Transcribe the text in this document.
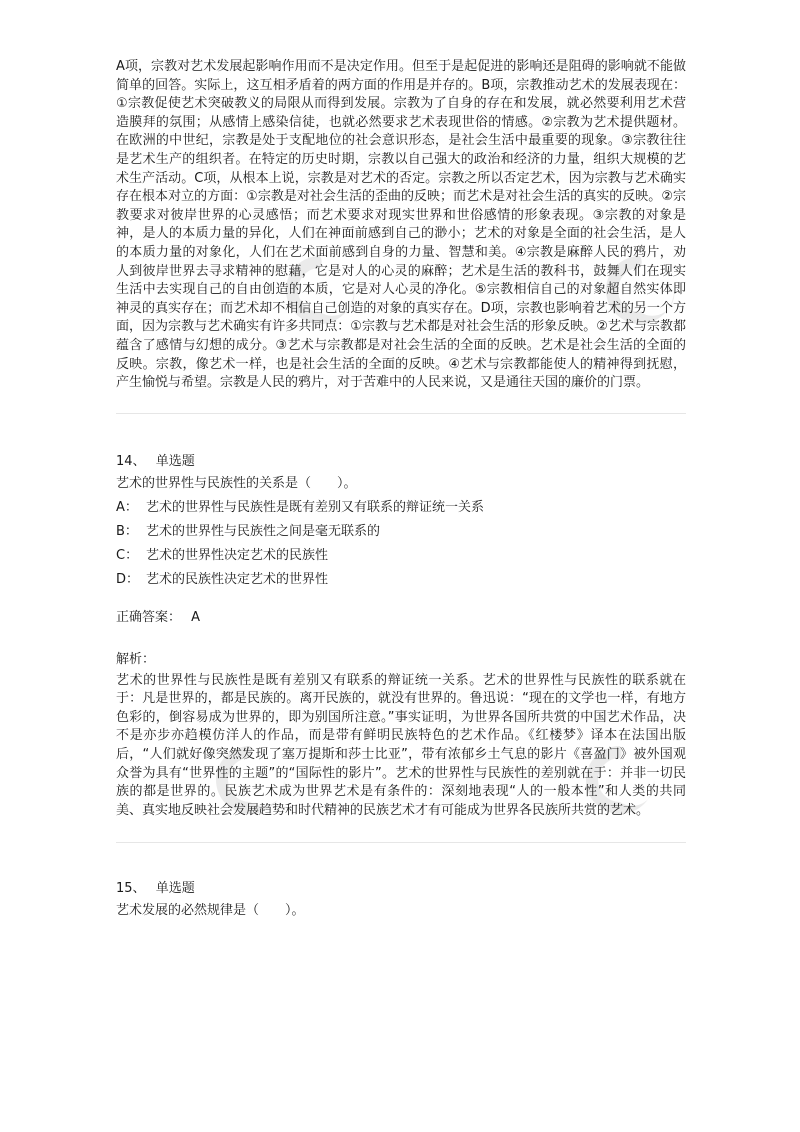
A项，宗教对艺术发展起影响作用而不是决定作用。但至于是起促进的影响还是阻碍的影响就不能做简单的回答。实际上，这互相矛盾着的两方面的作用是并存的。B项，宗教推动艺术的发展表现在：①宗教促使艺术突破教义的局限从而得到发展。宗教为了自身的存在和发展，就必然要利用艺术营造膜拜的氛围；从感情上感染信徒，也就必然要求艺术表现世俗的情感。②宗教为艺术提供题材。在欧洲的中世纪，宗教是处于支配地位的社会意识形态，是社会生活中最重要的现象。③宗教往往是艺术生产的组织者。在特定的历史时期，宗教以自己强大的政治和经济的力量，组织大规模的艺术生产活动。C项，从根本上说，宗教是对艺术的否定。宗教之所以否定艺术，因为宗教与艺术确实存在根本对立的方面：①宗教是对社会生活的歪曲的反映；而艺术是对社会生活的真实的反映。②宗教要求对彼岸世界的心灵感悟；而艺术要求对现实世界和世俗感情的形象表现。③宗教的对象是神，是人的本质力量的异化，人们在神面前感到自己的渺小；艺术的对象是全面的社会生活，是人的本质力量的对象化，人们在艺术面前感到自身的力量、智慧和美。④宗教是麻醉人民的鸦片，劝人到彼岸世界去寻求精神的慰藉，它是对人的心灵的麻醉；艺术是生活的教科书，鼓舞人们在现实生活中去实现自己的自由创造的本质，它是对人心灵的净化。⑤宗教相信自己的对象超自然实体即神灵的真实存在；而艺术却不相信自己创造的对象的真实存在。D项，宗教也影响着艺术的另一个方面，因为宗教与艺术确实有许多共同点：①宗教与艺术都是对社会生活的形象反映。②艺术与宗教都蕴含了感情与幻想的成分。③艺术与宗教都是对社会生活的全面的反映。艺术是社会生活的全面的反映。宗教，像艺术一样，也是社会生活的全面的反映。④艺术与宗教都能使人的精神得到抚慰，产生愉悦与希望。宗教是人民的鸦片，对于苦难中的人民来说，又是通往天国的廉价的门票。

14、 单选题

艺术的世界性与民族性的关系是（　　）。

A： 艺术的世界性与民族性是既有差别又有联系的辩证统一关系

B： 艺术的世界性与民族性之间是毫无联系的

C： 艺术的世界性决定艺术的民族性

D： 艺术的民族性决定艺术的世界性

正确答案： A

解析：

艺术的世界性与民族性是既有差别又有联系的辩证统一关系。艺术的世界性与民族性的联系就在于：凡是世界的，都是民族的。离开民族的，就没有世界的。鲁迅说：“现在的文学也一样，有地方色彩的，倒容易成为世界的，即为别国所注意。”事实证明，为世界各国所共赏的中国艺术作品，决不是亦步亦趋模仿洋人的作品，而是带有鲜明民族特色的艺术作品。《红楼梦》译本在法国出版后，“人们就好像突然发现了塞万提斯和莎士比亚”，带有浓郁乡土气息的影片《喜盈门》被外国观众誉为具有“世界性的主题”的“国际性的影片”。艺术的世界性与民族性的差别就在于：并非一切民族的都是世界的。民族艺术成为世界艺术是有条件的：深刻地表现“人的一般本性”和人类的共同美、真实地反映社会发展趋势和时代精神的民族艺术才有可能成为世界各民族所共赏的艺术。

15、 单选题

艺术发展的必然规律是（　　）。
